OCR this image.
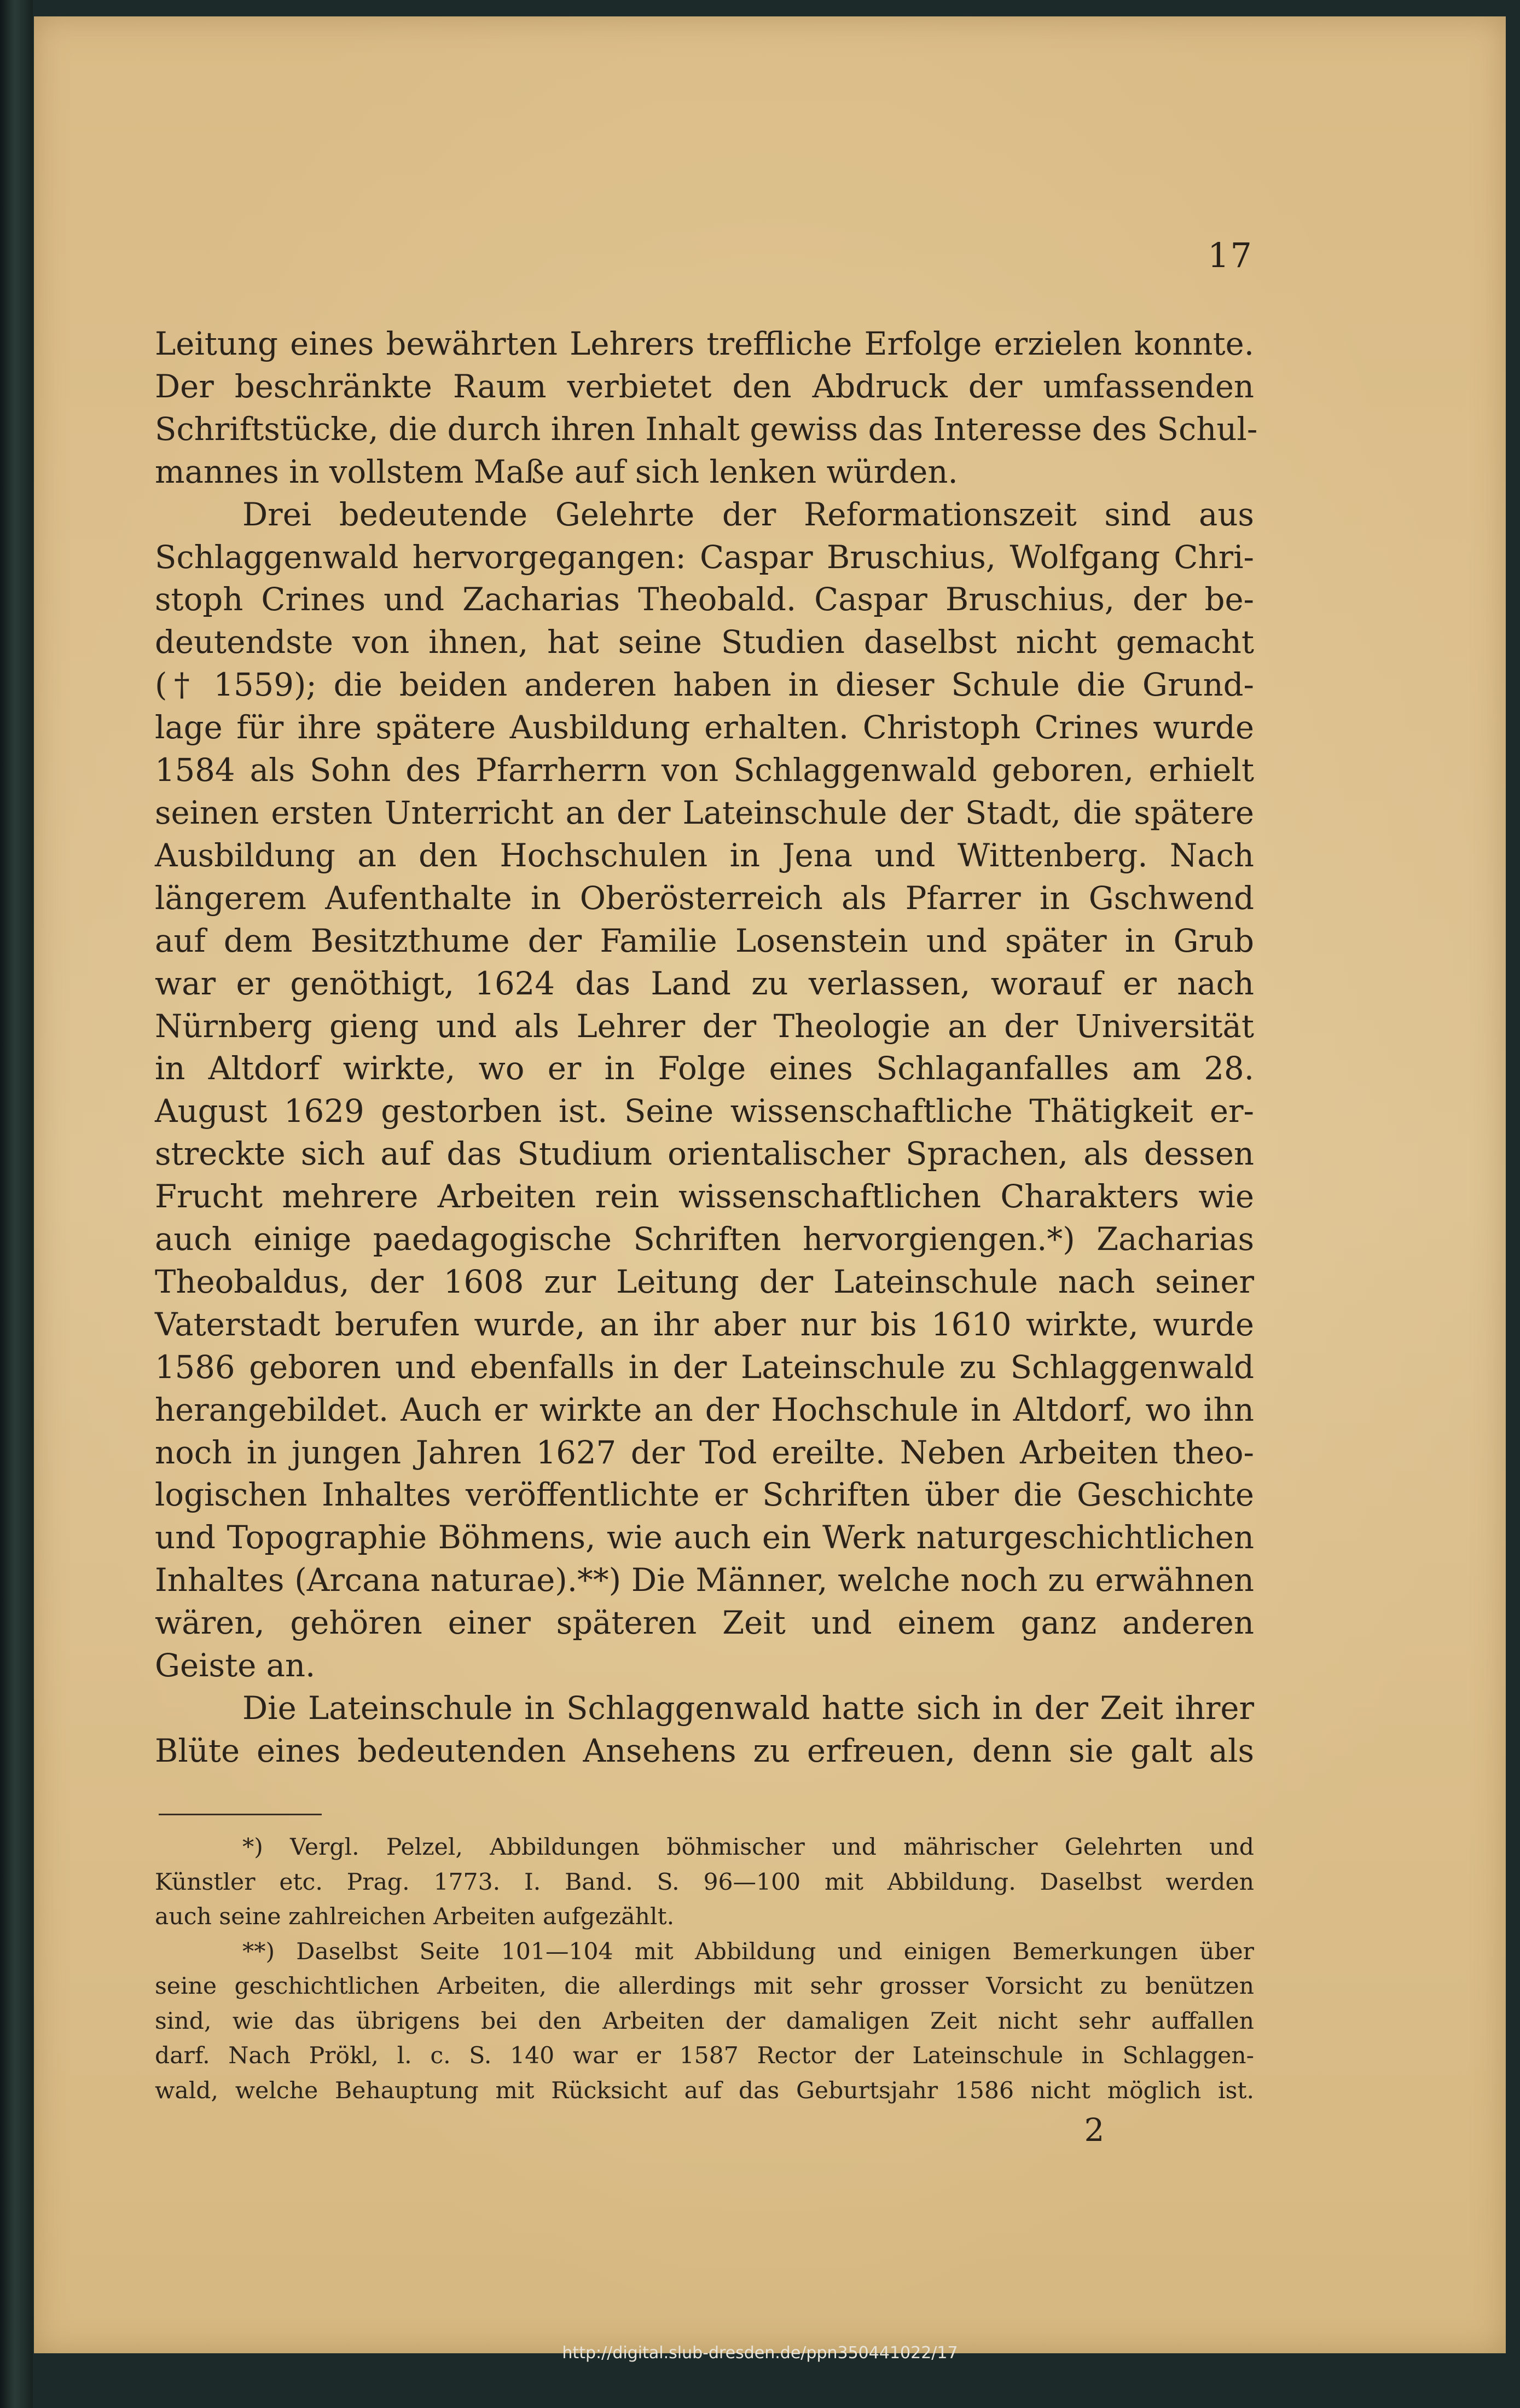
17
Leitung eines bewährten Lehrers treffliche Erfolge erzielen konnte.
Der beschränkte Raum verbietet den Abdruck der umfassenden
Schriftstücke, die durch ihren Inhalt gewiss das Interesse des Schul-
mannes in vollstem Maße auf sich lenken würden.
Drei bedeutende Gelehrte der Reformationszeit sind aus
Schlaggenwald hervorgegangen: Caspar Bruschius, Wolfgang Chri-
stoph Crines und Zacharias Theobald. Caspar Bruschius, der be-
deutendste von ihnen, hat seine Studien daselbst nicht gemacht
(† 1559); die beiden anderen haben in dieser Schule die Grund-
lage für ihre spätere Ausbildung erhalten. Christoph Crines wurde
1584 als Sohn des Pfarrherrn von Schlaggenwald geboren, erhielt
seinen ersten Unterricht an der Lateinschule der Stadt, die spätere
Ausbildung an den Hochschulen in Jena und Wittenberg. Nach
längerem Aufenthalte in Oberösterreich als Pfarrer in Gschwend
auf dem Besitzthume der Familie Losenstein und später in Grub
war er genöthigt, 1624 das Land zu verlassen, worauf er nach
Nürnberg gieng und als Lehrer der Theologie an der Universität
in Altdorf wirkte, wo er in Folge eines Schlaganfalles am 28.
August 1629 gestorben ist. Seine wissenschaftliche Thätigkeit er-
streckte sich auf das Studium orientalischer Sprachen, als dessen
Frucht mehrere Arbeiten rein wissenschaftlichen Charakters wie
auch einige paedagogische Schriften hervorgiengen.*) Zacharias
Theobaldus, der 1608 zur Leitung der Lateinschule nach seiner
Vaterstadt berufen wurde, an ihr aber nur bis 1610 wirkte, wurde
1586 geboren und ebenfalls in der Lateinschule zu Schlaggenwald
herangebildet. Auch er wirkte an der Hochschule in Altdorf, wo ihn
noch in jungen Jahren 1627 der Tod ereilte. Neben Arbeiten theo-
logischen Inhaltes veröffentlichte er Schriften über die Geschichte
und Topographie Böhmens, wie auch ein Werk naturgeschichtlichen
Inhaltes (Arcana naturae).**) Die Männer, welche noch zu erwähnen
wären, gehören einer späteren Zeit und einem ganz anderen
Geiste an.
Die Lateinschule in Schlaggenwald hatte sich in der Zeit ihrer
Blüte eines bedeutenden Ansehens zu erfreuen, denn sie galt als
*) Vergl. Pelzel, Abbildungen böhmischer und mährischer Gelehrten und
Künstler etc. Prag. 1773. I. Band. S. 96—100 mit Abbildung. Daselbst werden
auch seine zahlreichen Arbeiten aufgezählt.
**) Daselbst Seite 101—104 mit Abbildung und einigen Bemerkungen über
seine geschichtlichen Arbeiten, die allerdings mit sehr grosser Vorsicht zu benützen
sind, wie das übrigens bei den Arbeiten der damaligen Zeit nicht sehr auffallen
darf. Nach Prökl, l. c. S. 140 war er 1587 Rector der Lateinschule in Schlaggen-
wald, welche Behauptung mit Rücksicht auf das Geburtsjahr 1586 nicht möglich ist.
2
http://digital.slub-dresden.de/ppn350441022/17
